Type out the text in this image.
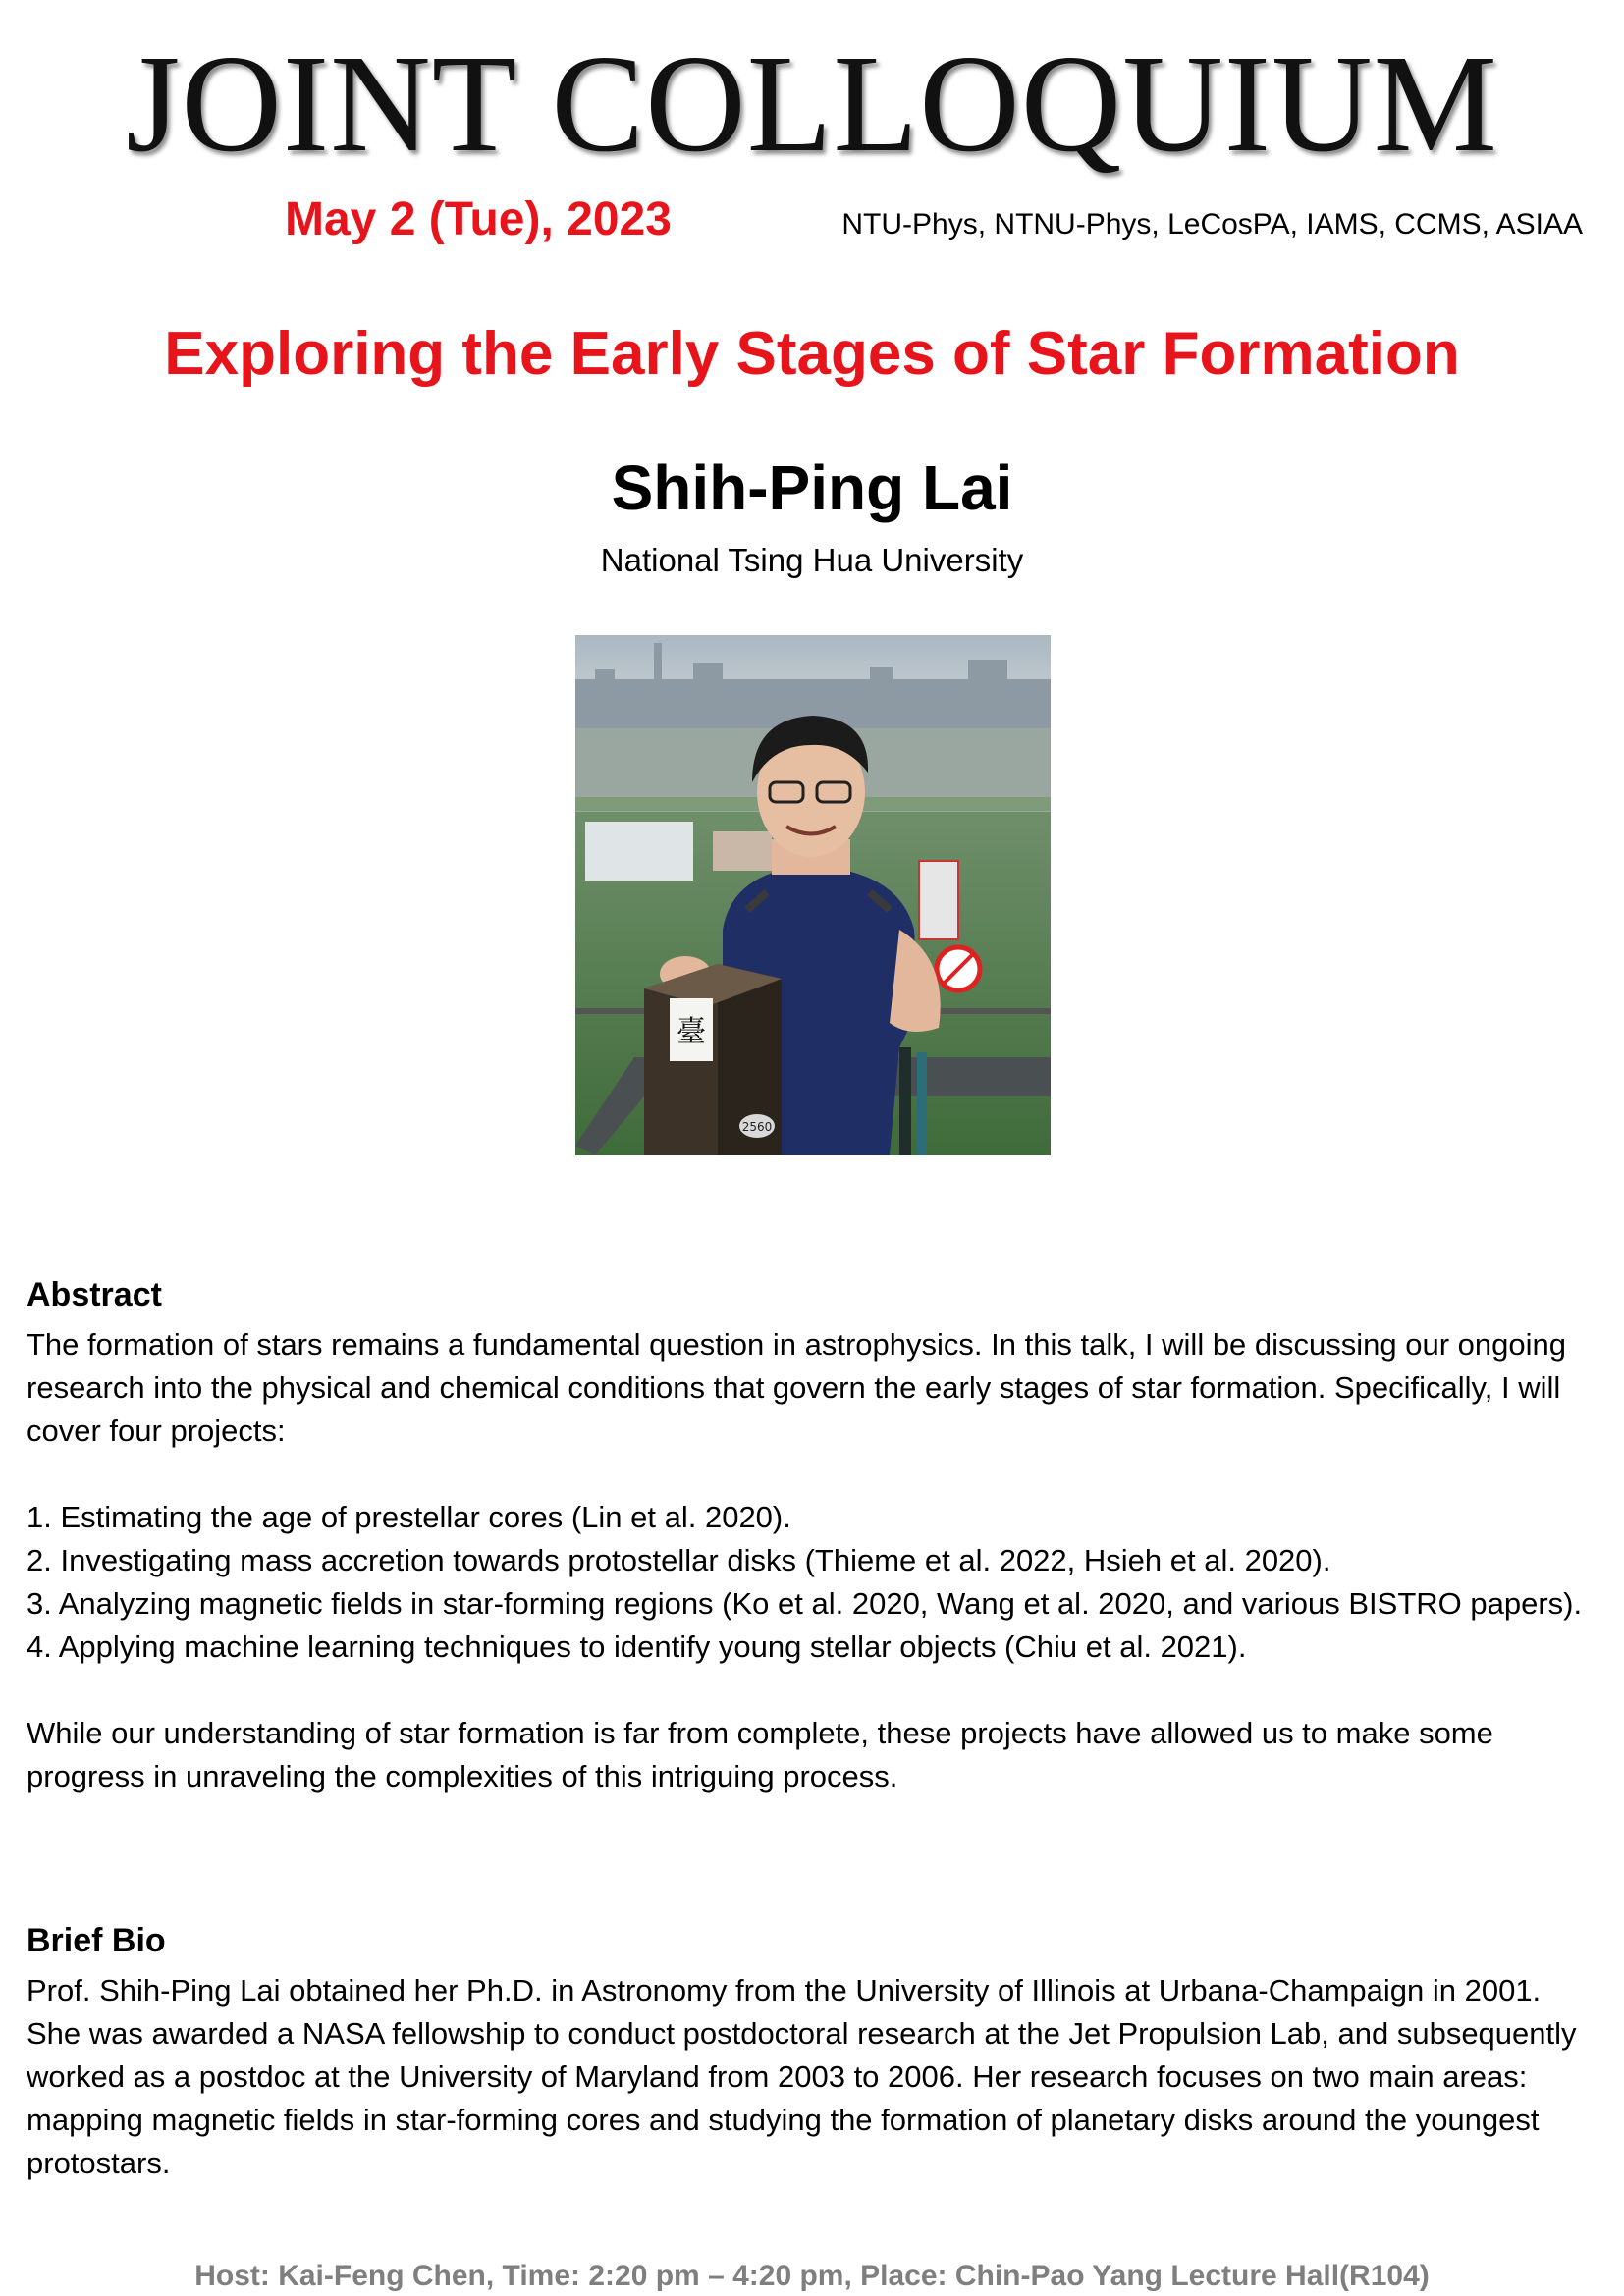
JOINT COLLOQUIUM
May 2 (Tue), 2023	NTU-Phys, NTNU-Phys, LeCosPA, IAMS, CCMS, ASIAA
Exploring the Early Stages of Star Formation
Shih-Ping Lai
National Tsing Hua University
臺
2560
Abstract

The formation of stars remains a fundamental question in astrophysics. In this talk, I will be discussing our ongoing research into the physical and chemical conditions that govern the early stages of star formation. Specifically, I will cover four projects:

1. Estimating the age of prestellar cores (Lin et al. 2020).

2. Investigating mass accretion towards protostellar disks (Thieme et al. 2022, Hsieh et al. 2020).

3. Analyzing magnetic fields in star-forming regions (Ko et al. 2020, Wang et al. 2020, and various BISTRO papers).

4. Applying machine learning techniques to identify young stellar objects (Chiu et al. 2021).

While our understanding of star formation is far from complete, these projects have allowed us to make some progress in unraveling the complexities of this intriguing process.

Brief Bio

Prof. Shih-Ping Lai obtained her Ph.D. in Astronomy from the University of Illinois at Urbana-Champaign in 2001. She was awarded a NASA fellowship to conduct postdoctoral research at the Jet Propulsion Lab, and subsequently worked as a postdoc at the University of Maryland from 2003 to 2006. Her research focuses on two main areas: mapping magnetic fields in star-forming cores and studying the formation of planetary disks around the youngest protostars.

Host: Kai-Feng Chen, Time: 2:20 pm – 4:20 pm, Place: Chin-Pao Yang Lecture Hall(R104)
